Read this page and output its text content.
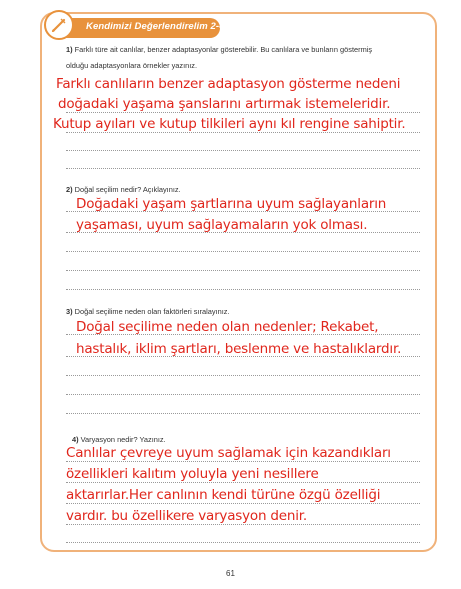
Kendimizi Değerlendirelim 2-4
1) Farklı türe ait canlılar, benzer adaptasyonlar gösterebilir. Bu canlılara ve bunların göstermiş
olduğu adaptasyonlara örnekler yazınız.
Farklı canlıların benzer adaptasyon gösterme nedeni
doğadaki yaşama şanslarını artırmak istemeleridir.
Kutup ayıları ve kutup tilkileri aynı kıl rengine sahiptir.
2) Doğal seçilim nedir? Açıklayınız.
Doğadaki yaşam şartlarına uyum sağlayanların
yaşaması, uyum sağlayamaların yok olması.
3) Doğal seçilime neden olan faktörleri sıralayınız.
Doğal seçilime neden olan nedenler; Rekabet,
hastalık, iklim şartları, beslenme ve hastalıklardır.
4) Varyasyon nedir? Yazınız.
Canlılar çevreye uyum sağlamak için kazandıkları
özellikleri kalıtım yoluyla yeni nesillere
aktarırlar.Her canlının kendi türüne özgü özelliği
vardır. bu özellikere varyasyon denir.
61
